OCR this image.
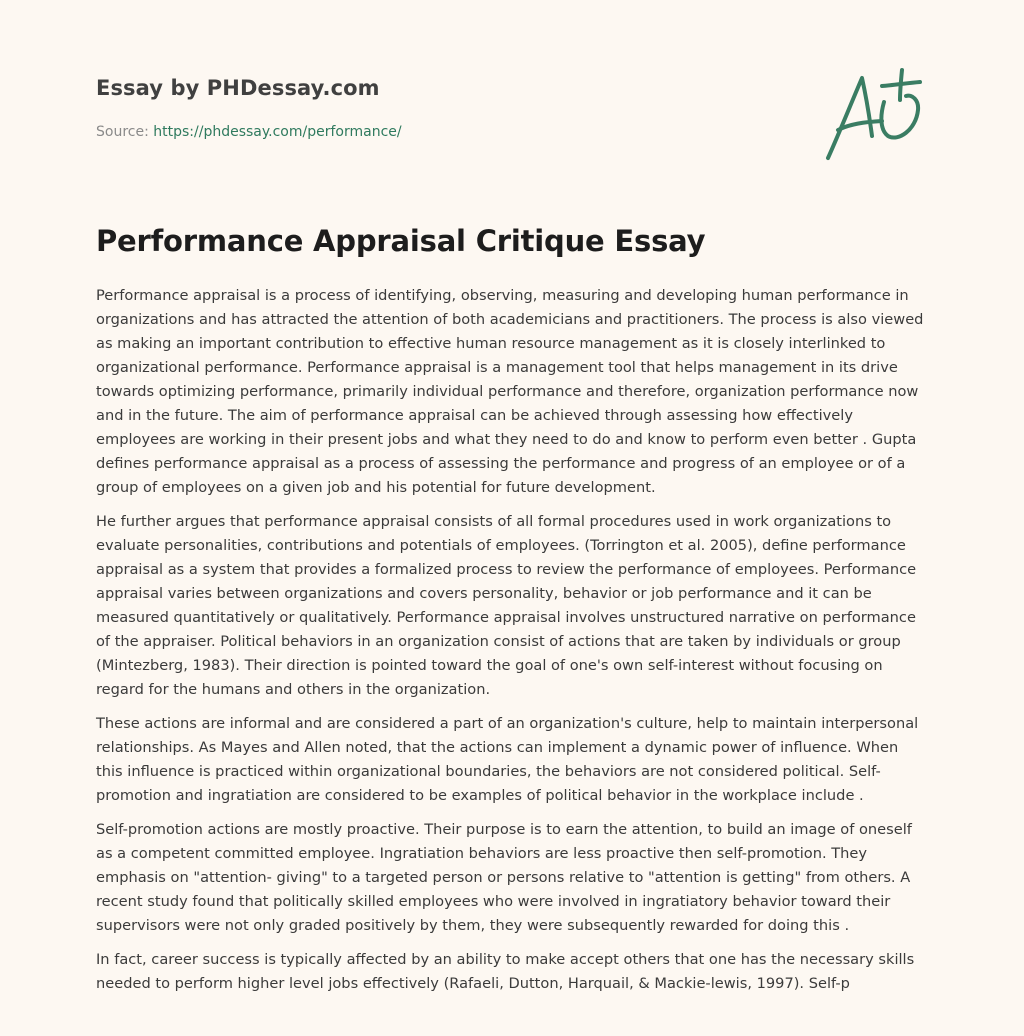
Essay by PHDessay.com
Source: https://phdessay.com/performance/
Performance Appraisal Critique Essay

Performance appraisal is a process of identifying, observing, measuring and developing human performance in organizations and has attracted the attention of both academicians and practitioners. The process is also viewed as making an important contribution to effective human resource management as it is closely interlinked to organizational performance. Performance appraisal is a management tool that helps management in its drive towards optimizing performance, primarily individual performance and therefore, organization performance now and in the future. The aim of performance appraisal can be achieved through assessing how effectively employees are working in their present jobs and what they need to do and know to perform even better . Gupta defines performance appraisal as a process of assessing the performance and progress of an employee or of a group of employees on a given job and his potential for future development.

He further argues that performance appraisal consists of all formal procedures used in work organizations to evaluate personalities, contributions and potentials of employees. (Torrington et al. 2005), define performance appraisal as a system that provides a formalized process to review the performance of employees. Performance appraisal varies between organizations and covers personality, behavior or job performance and it can be measured quantitatively or qualitatively. Performance appraisal involves unstructured narrative on performance of the appraiser. Political behaviors in an organization consist of actions that are taken by individuals or group (Mintezberg, 1983). Their direction is pointed toward the goal of one's own self-interest without focusing on regard for the humans and others in the organization.

These actions are informal and are considered a part of an organization's culture, help to maintain interpersonal relationships. As Mayes and Allen noted, that the actions can implement a dynamic power of influence. When this influence is practiced within organizational boundaries, the behaviors are not considered political. Self-promotion and ingratiation are considered to be examples of political behavior in the workplace include .

Self-promotion actions are mostly proactive. Their purpose is to earn the attention, to build an image of oneself as a competent committed employee. Ingratiation behaviors are less proactive then self-promotion. They emphasis on "attention- giving" to a targeted person or persons relative to "attention is getting" from others. A recent study found that politically skilled employees who were involved in ingratiatory behavior toward their supervisors were not only graded positively by them, they were subsequently rewarded for doing this .

In fact, career success is typically affected by an ability to make accept others that one has the necessary skills needed to perform higher level jobs effectively (Rafaeli, Dutton, Harquail, & Mackie-lewis, 1997). Self-p
